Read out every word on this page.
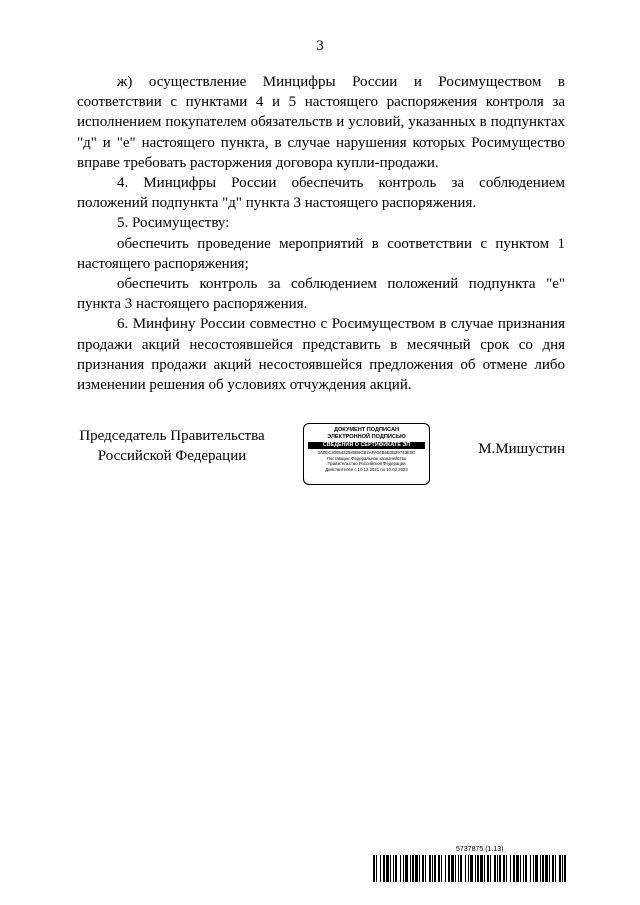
3

ж) осуществление Минцифры России и Росимуществом в соответствии с пунктами 4 и 5 настоящего распоряжения контроля за исполнением покупателем обязательств и условий, указанных в подпунктах "д" и "е" настоящего пункта, в случае нарушения которых Росимущество вправе требовать расторжения договора купли-продажи.

4. Минцифры России обеспечить контроль за соблюдением положений подпункта "д" пункта 3 настоящего распоряжения.

5. Росимуществу:

обеспечить проведение мероприятий в соответствии с пунктом 1 настоящего распоряжения;

обеспечить контроль за соблюдением положений подпункта "е" пункта 3 настоящего распоряжения.

6. Минфину России совместно с Росимуществом в случае признания продажи акций несостоявшейся представить в месячный срок со дня признания продажи акций несостоявшейся предложения об отмене либо изменении решения об условиях отчуждения акций.

Председатель Правительства
Российской Федерации
ДОКУМЕНТ ПОДПИСАН
ЭЛЕКТРОННОЙ ПОДПИСЬЮ
СВЕДЕНИЯ О СЕРТИФИКАТЕ ЭП
3A0EC3005432580B6CB2AFA34B6B2B29743E0D
Поставщик: Федеральное казначейство
Правительство Российской Федерации
Действителен с 10.12.2021 по 10.03.2023
М.Мишустин
5737875 (1.13)
